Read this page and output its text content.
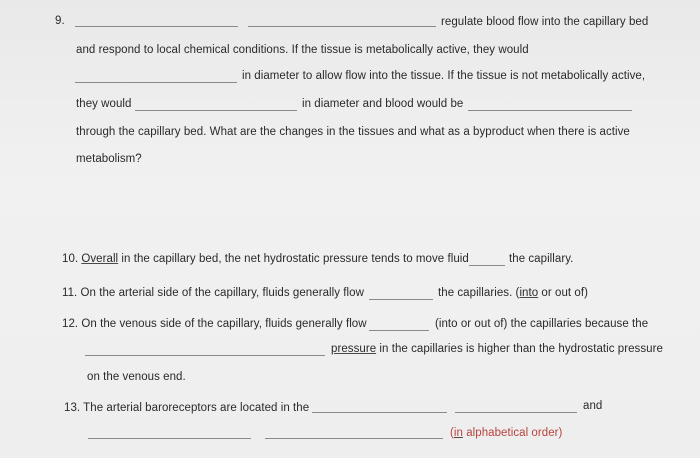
9.	regulate blood flow into the capillary bed
and respond to local chemical conditions. If the tissue is metabolically active, they would
in diameter to allow flow into the tissue. If the tissue is not metabolically active,
they would	in diameter and blood would be
through the capillary bed. What are the changes in the tissues and what as a byproduct when there is active
metabolism?
10. Overall in the capillary bed, the net hydrostatic pressure tends to move fluid	the capillary.
11. On the arterial side of the capillary, fluids generally flow	the capillaries. (into or out of)
12. On the venous side of the capillary, fluids generally flow	(into or out of) the capillaries because the
pressure in the capillaries is higher than the hydrostatic pressure
on the venous end.
13. The arterial baroreceptors are located in the	and
(in alphabetical order)
